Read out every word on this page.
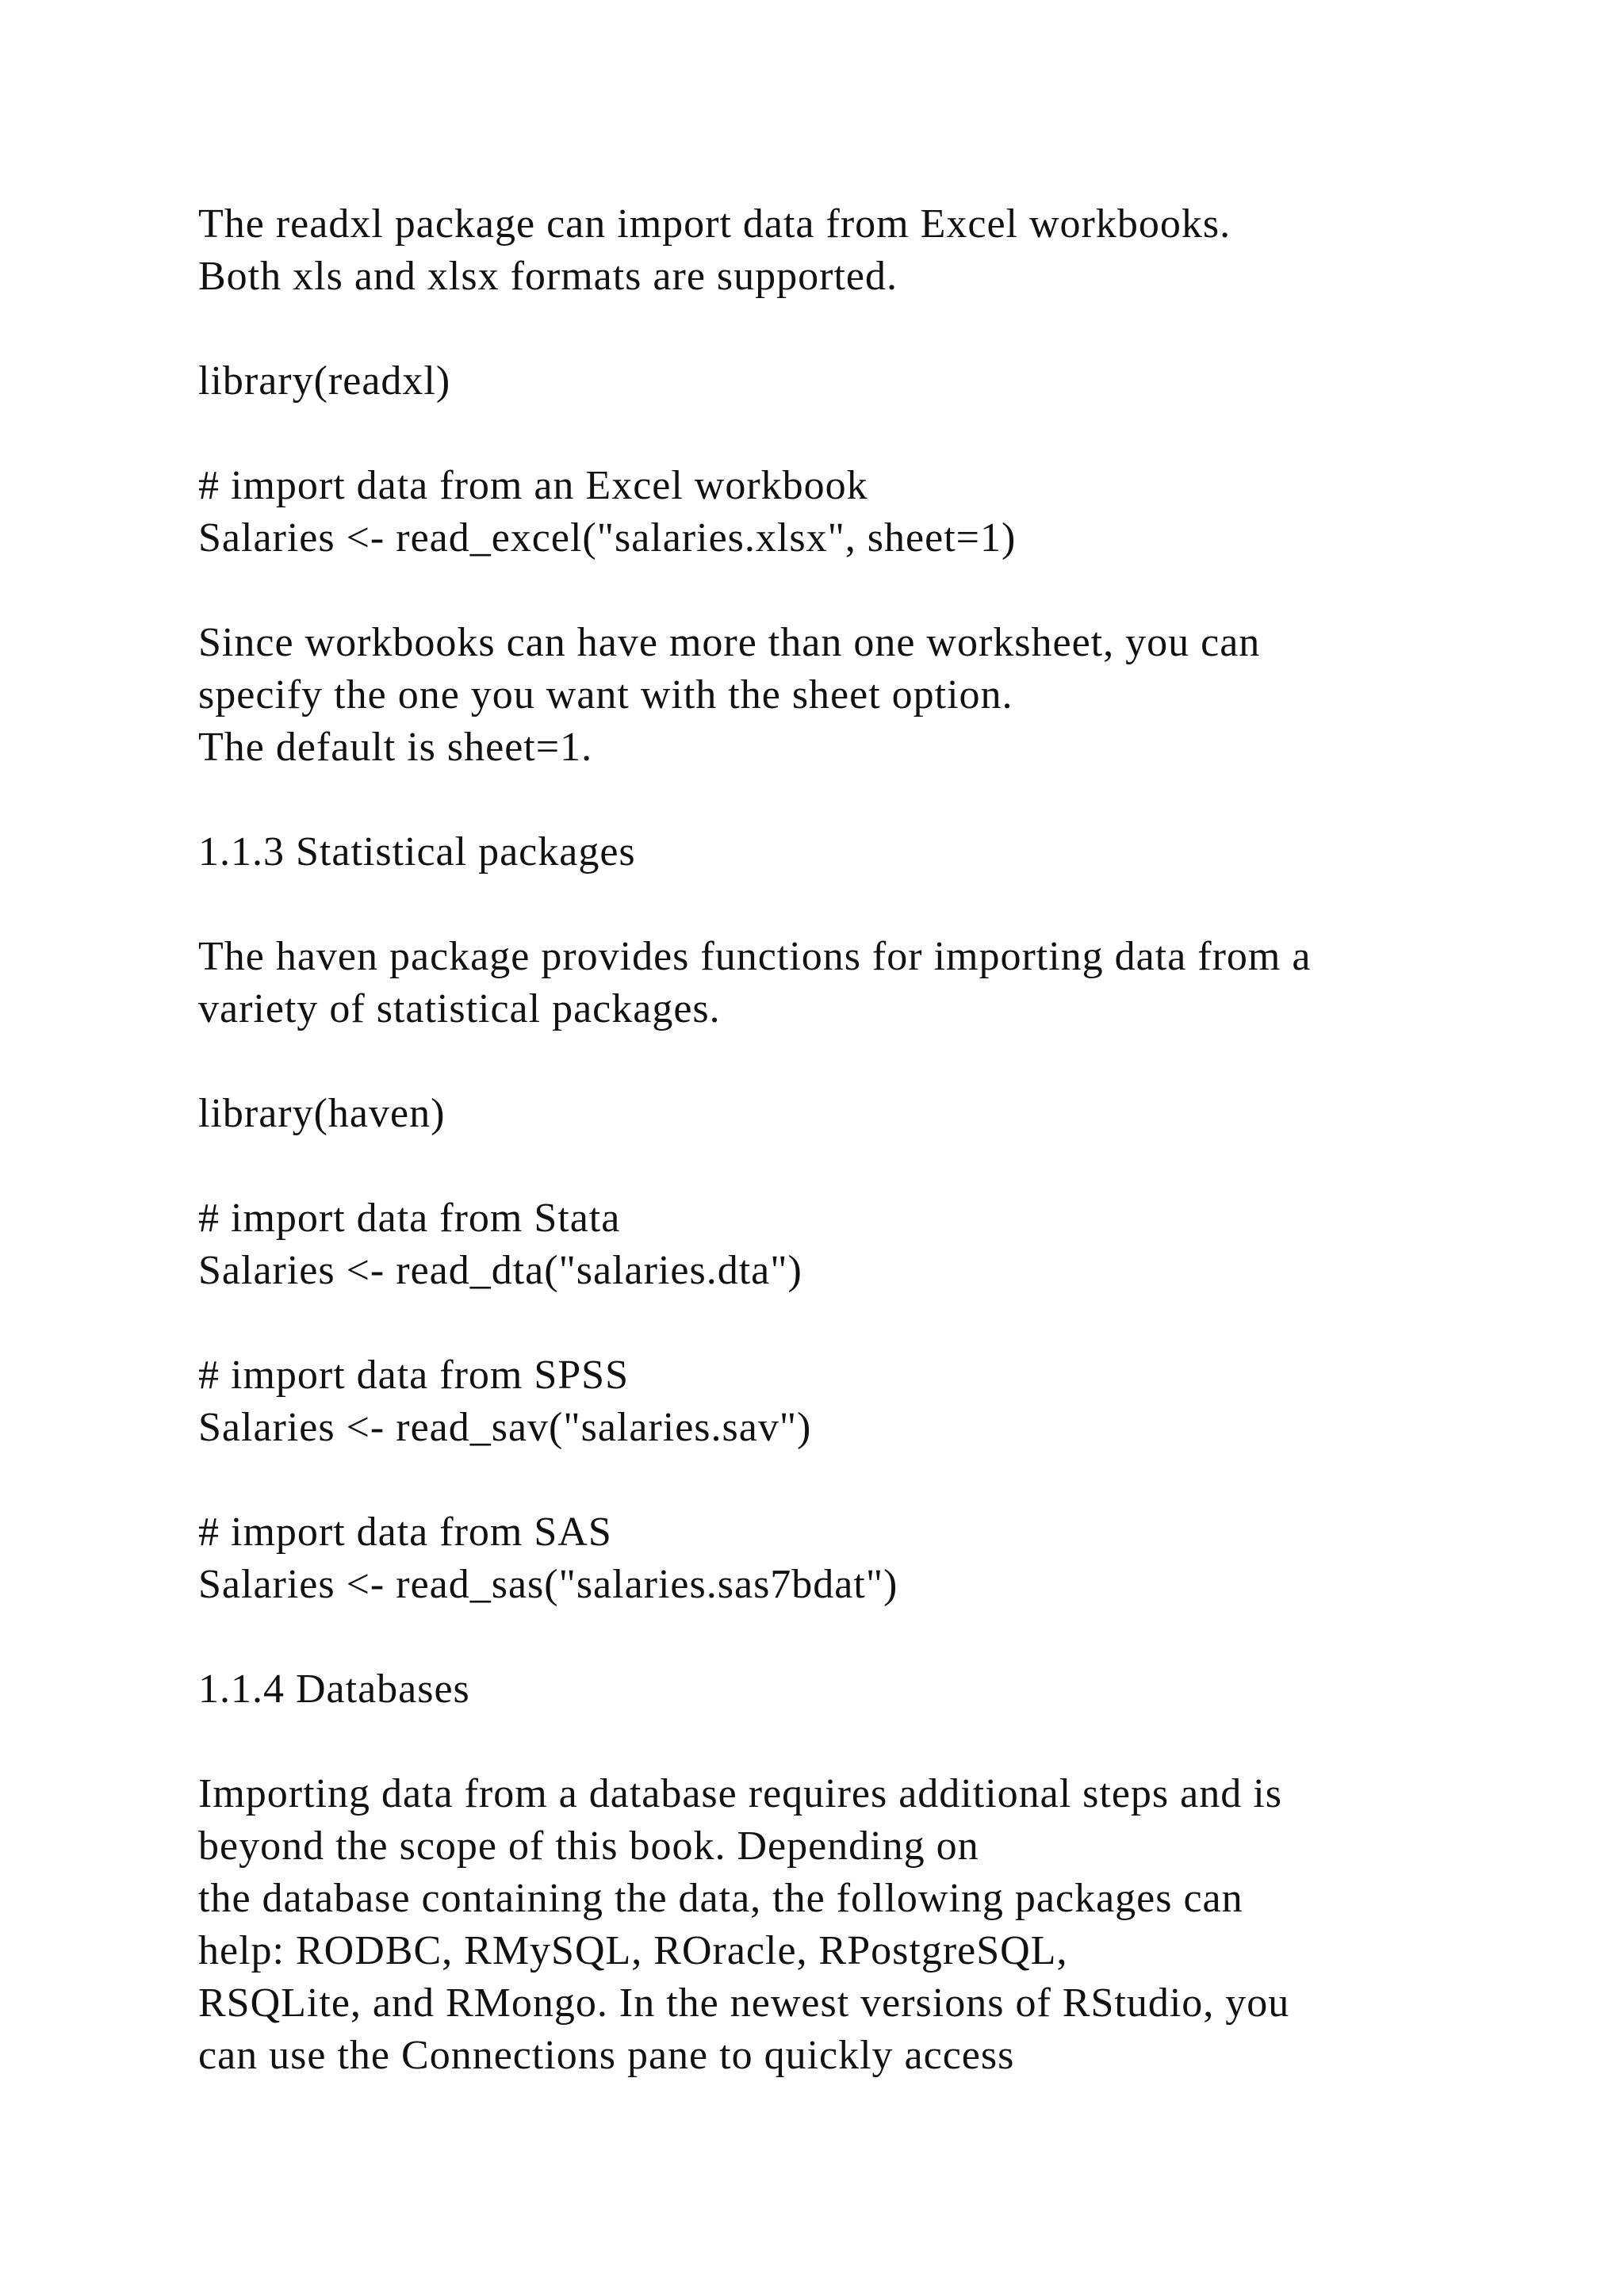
The readxl package can import data from Excel workbooks.
Both xls and xlsx formats are supported.
library(readxl)
# import data from an Excel workbook
Salaries <- read_excel("salaries.xlsx", sheet=1)
Since workbooks can have more than one worksheet, you can
specify the one you want with the sheet option.
The default is sheet=1.
1.1.3 Statistical packages
The haven package provides functions for importing data from a
variety of statistical packages.
library(haven)
# import data from Stata
Salaries <- read_dta("salaries.dta")
# import data from SPSS
Salaries <- read_sav("salaries.sav")
# import data from SAS
Salaries <- read_sas("salaries.sas7bdat")
1.1.4 Databases
Importing data from a database requires additional steps and is
beyond the scope of this book. Depending on
the database containing the data, the following packages can
help: RODBC, RMySQL, ROracle, RPostgreSQL,
RSQLite, and RMongo. In the newest versions of RStudio, you
can use the Connections pane to quickly access
